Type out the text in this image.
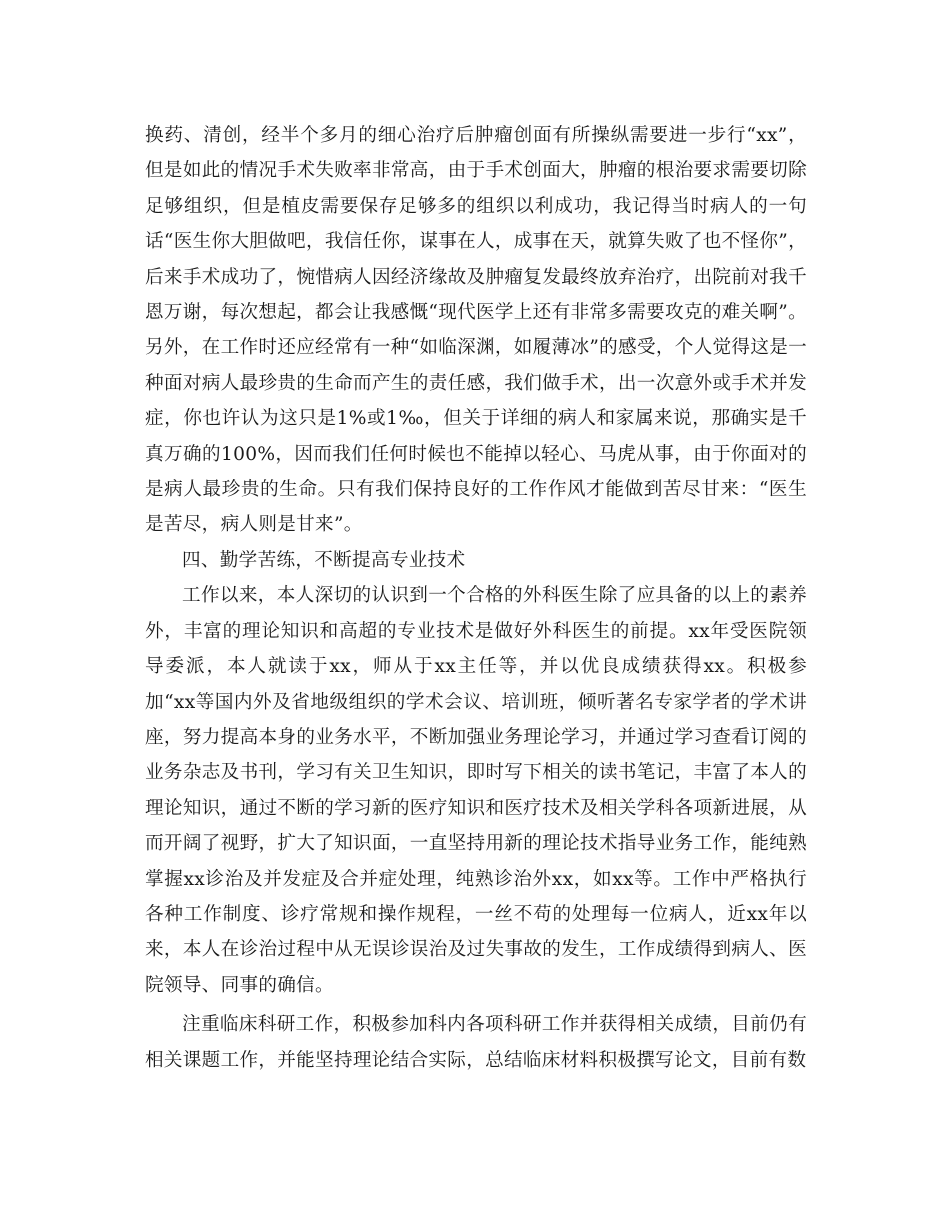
换药、清创，经半个多月的细心治疗后肿瘤创面有所操纵需要进一步行“xx”，但是如此的情况手术失败率非常高，由于手术创面大，肿瘤的根治要求需要切除足够组织，但是植皮需要保存足够多的组织以利成功，我记得当时病人的一句话“医生你大胆做吧，我信任你，谋事在人，成事在天，就算失败了也不怪你”，后来手术成功了，惋惜病人因经济缘故及肿瘤复发最终放弃治疗，出院前对我千恩万谢，每次想起，都会让我感慨“现代医学上还有非常多需要攻克的难关啊”。另外，在工作时还应经常有一种“如临深渊，如履薄冰”的感受，个人觉得这是一种面对病人最珍贵的生命而产生的责任感，我们做手术，出一次意外或手术并发症，你也许认为这只是1%或1‰，但关于详细的病人和家属来说，那确实是千真万确的100%，因而我们任何时候也不能掉以轻心、马虎从事，由于你面对的是病人最珍贵的生命。只有我们保持良好的工作作风才能做到苦尽甘来：“医生是苦尽，病人则是甘来”。

四、勤学苦练，不断提高专业技术

工作以来，本人深切的认识到一个合格的外科医生除了应具备的以上的素养外，丰富的理论知识和高超的专业技术是做好外科医生的前提。xx年受医院领导委派，本人就读于xx，师从于xx主任等，并以优良成绩获得xx。积极参加“xx等国内外及省地级组织的学术会议、培训班，倾听著名专家学者的学术讲座，努力提高本身的业务水平，不断加强业务理论学习，并通过学习查看订阅的业务杂志及书刊，学习有关卫生知识，即时写下相关的读书笔记，丰富了本人的理论知识，通过不断的学习新的医疗知识和医疗技术及相关学科各项新进展，从而开阔了视野，扩大了知识面，一直坚持用新的理论技术指导业务工作，能纯熟掌握xx诊治及并发症及合并症处理，纯熟诊治外xx，如xx等。工作中严格执行各种工作制度、诊疗常规和操作规程，一丝不苟的处理每一位病人，近xx年以来，本人在诊治过程中从无误诊误治及过失事故的发生，工作成绩得到病人、医院领导、同事的确信。

注重临床科研工作，积极参加科内各项科研工作并获得相关成绩，目前仍有相关课题工作，并能坚持理论结合实际，总结临床材料积极撰写论文，目前有数
